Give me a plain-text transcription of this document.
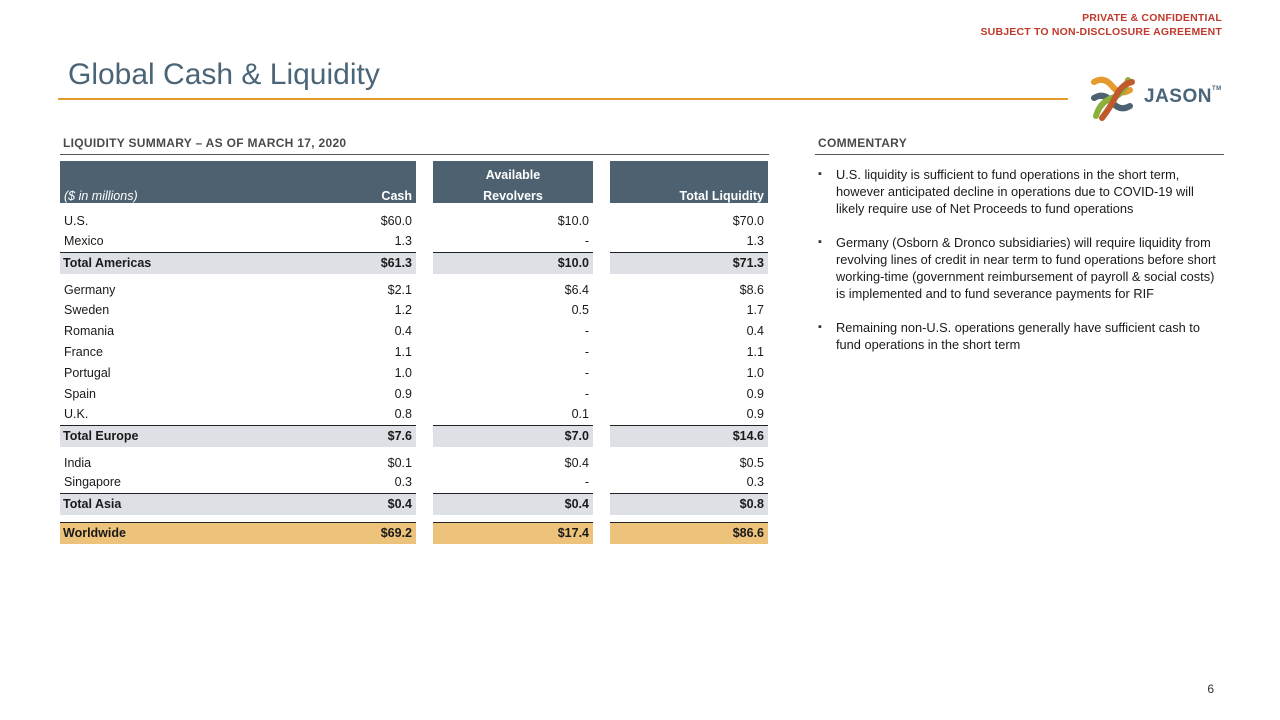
PRIVATE & CONFIDENTIAL
SUBJECT TO NON-DISCLOSURE AGREEMENT
Global Cash & Liquidity
JASON™
LIQUIDITY SUMMARY – AS OF MARCH 17, 2020	COMMENTARY
			Available		
($ in millions)	Cash		Revolvers		Total Liquidity

U.S.	$60.0		$10.0		$70.0
Mexico	1.3		-		1.3
Total Americas	$61.3		$10.0		$71.3
Germany	$2.1		$6.4		$8.6
Sweden	1.2		0.5		1.7
Romania	0.4		-		0.4
France	1.1		-		1.1
Portugal	1.0		-		1.0
Spain	0.9		-		0.9
U.K.	0.8		0.1		0.9
Total Europe	$7.6		$7.0		$14.6
India	$0.1		$0.4		$0.5
Singapore	0.3		-		0.3
Total Asia	$0.4		$0.4		$0.8

Worldwide	$69.2		$17.4		$86.6
▪ U.S. liquidity is sufficient to fund operations in the short term, however anticipated decline in operations due to COVID-19 will likely require use of Net Proceeds to fund operations
▪ Germany (Osborn & Dronco subsidiaries) will require liquidity from revolving lines of credit in near term to fund operations before short working-time (government reimbursement of payroll & social costs) is implemented and to fund severance payments for RIF
▪ Remaining non-U.S. operations generally have sufficient cash to fund operations in the short term
6
